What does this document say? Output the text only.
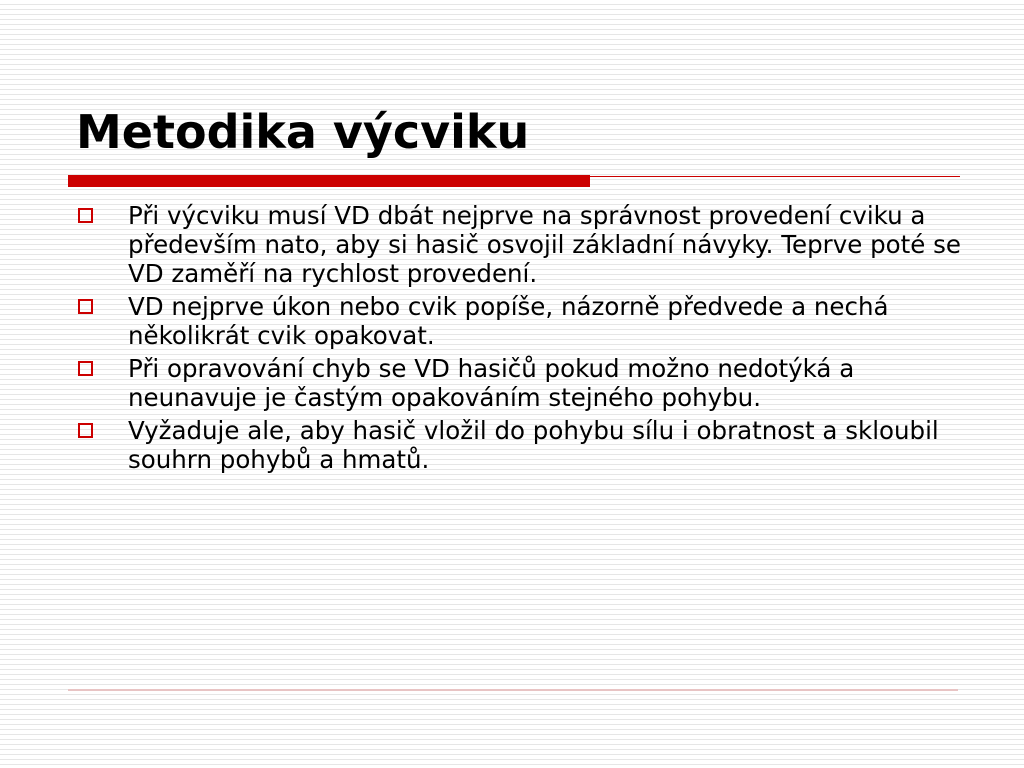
Metodika výcviku
Při výcviku musí VD dbát nejprve na správnost provedení cviku a především nato, aby si hasič osvojil základní návyky. Teprve poté se VD zaměří na rychlost provedení.
VD nejprve úkon nebo cvik popíše, názorně předvede a nechá několikrát cvik opakovat.
Při opravování chyb se VD hasičů pokud možno nedotýká a neunavuje je častým opakováním stejného pohybu.
Vyžaduje ale, aby hasič vložil do pohybu sílu i obratnost a skloubil souhrn pohybů a hmatů.
